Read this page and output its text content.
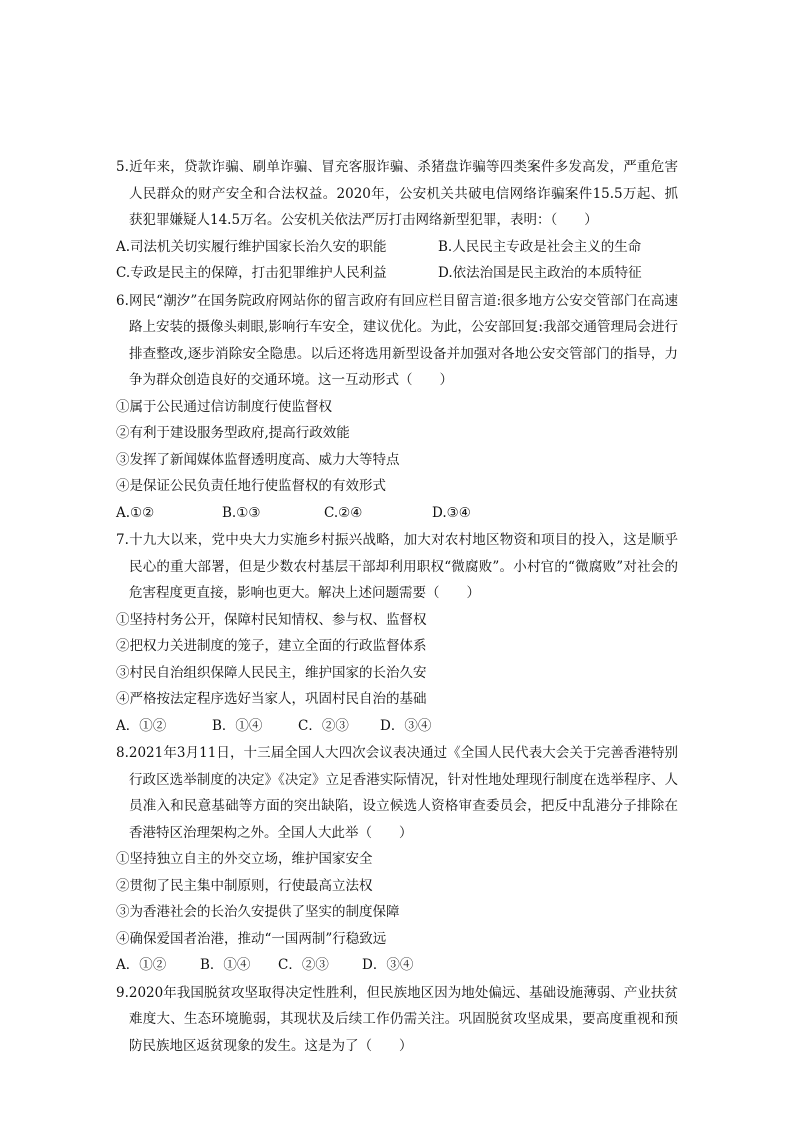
5.近年来，贷款诈骗、刷单诈骗、冒充客服诈骗、杀猪盘诈骗等四类案件多发高发，严重危害人民群众的财产安全和合法权益。2020年，公安机关共破电信网络诈骗案件15.5万起、抓获犯罪嫌疑人14.5万名。公安机关依法严厉打击网络新型犯罪，表明：（　　）
A.司法机关切实履行维护国家长治久安的职能	B.人民民主专政是社会主义的生命
C.专政是民主的保障，打击犯罪维护人民利益	D.依法治国是民主政治的本质特征
6.网民“潮汐”在国务院政府网站你的留言政府有回应栏目留言道:很多地方公安交管部门在高速路上安装的摄像头刺眼,影响行车安全，建议优化。为此，公安部回复:我部交通管理局会进行排查整改,逐步消除安全隐患。以后还将选用新型设备并加强对各地公安交管部门的指导，力争为群众创造良好的交通环境。这一互动形式（　　）
①属于公民通过信访制度行使监督权
②有利于建设服务型政府,提高行政效能
③发挥了新闻媒体监督透明度高、威力大等特点
④是保证公民负责任地行使监督权的有效形式
A.①②	B.①③	C.②④	D.③④
7.十九大以来，党中央大力实施乡村振兴战略，加大对农村地区物资和项目的投入，这是顺乎民心的重大部署，但是少数农村基层干部却利用职权“微腐败”。小村官的“微腐败”对社会的危害程度更直接，影响也更大。解决上述问题需要（　　）
①坚持村务公开，保障村民知情权、参与权、监督权
②把权力关进制度的笼子，建立全面的行政监督体系
③村民自治组织保障人民民主，维护国家的长治久安
④严格按法定程序选好当家人，巩固村民自治的基础
A．①②	B．①④	C．②③	D．③④
8.2021年3月11日，十三届全国人大四次会议表决通过《全国人民代表大会关于完善香港特别行政区选举制度的决定》《决定》立足香港实际情况，针对性地处理现行制度在选举程序、人员准入和民意基础等方面的突出缺陷，设立候选人资格审查委员会，把反中乱港分子排除在香港特区治理架构之外。全国人大此举（　　）
①坚持独立自主的外交立场，维护国家安全
②贯彻了民主集中制原则，行使最高立法权
③为香港社会的长治久安提供了坚实的制度保障
④确保爱国者治港，推动“一国两制”行稳致远
A．①②	B．①④	C．②③	D．③④
9.2020年我国脱贫攻坚取得决定性胜利，但民族地区因为地处偏远、基础设施薄弱、产业扶贫难度大、生态环境脆弱，其现状及后续工作仍需关注。巩固脱贫攻坚成果，要高度重视和预防民族地区返贫现象的发生。这是为了（　　）
